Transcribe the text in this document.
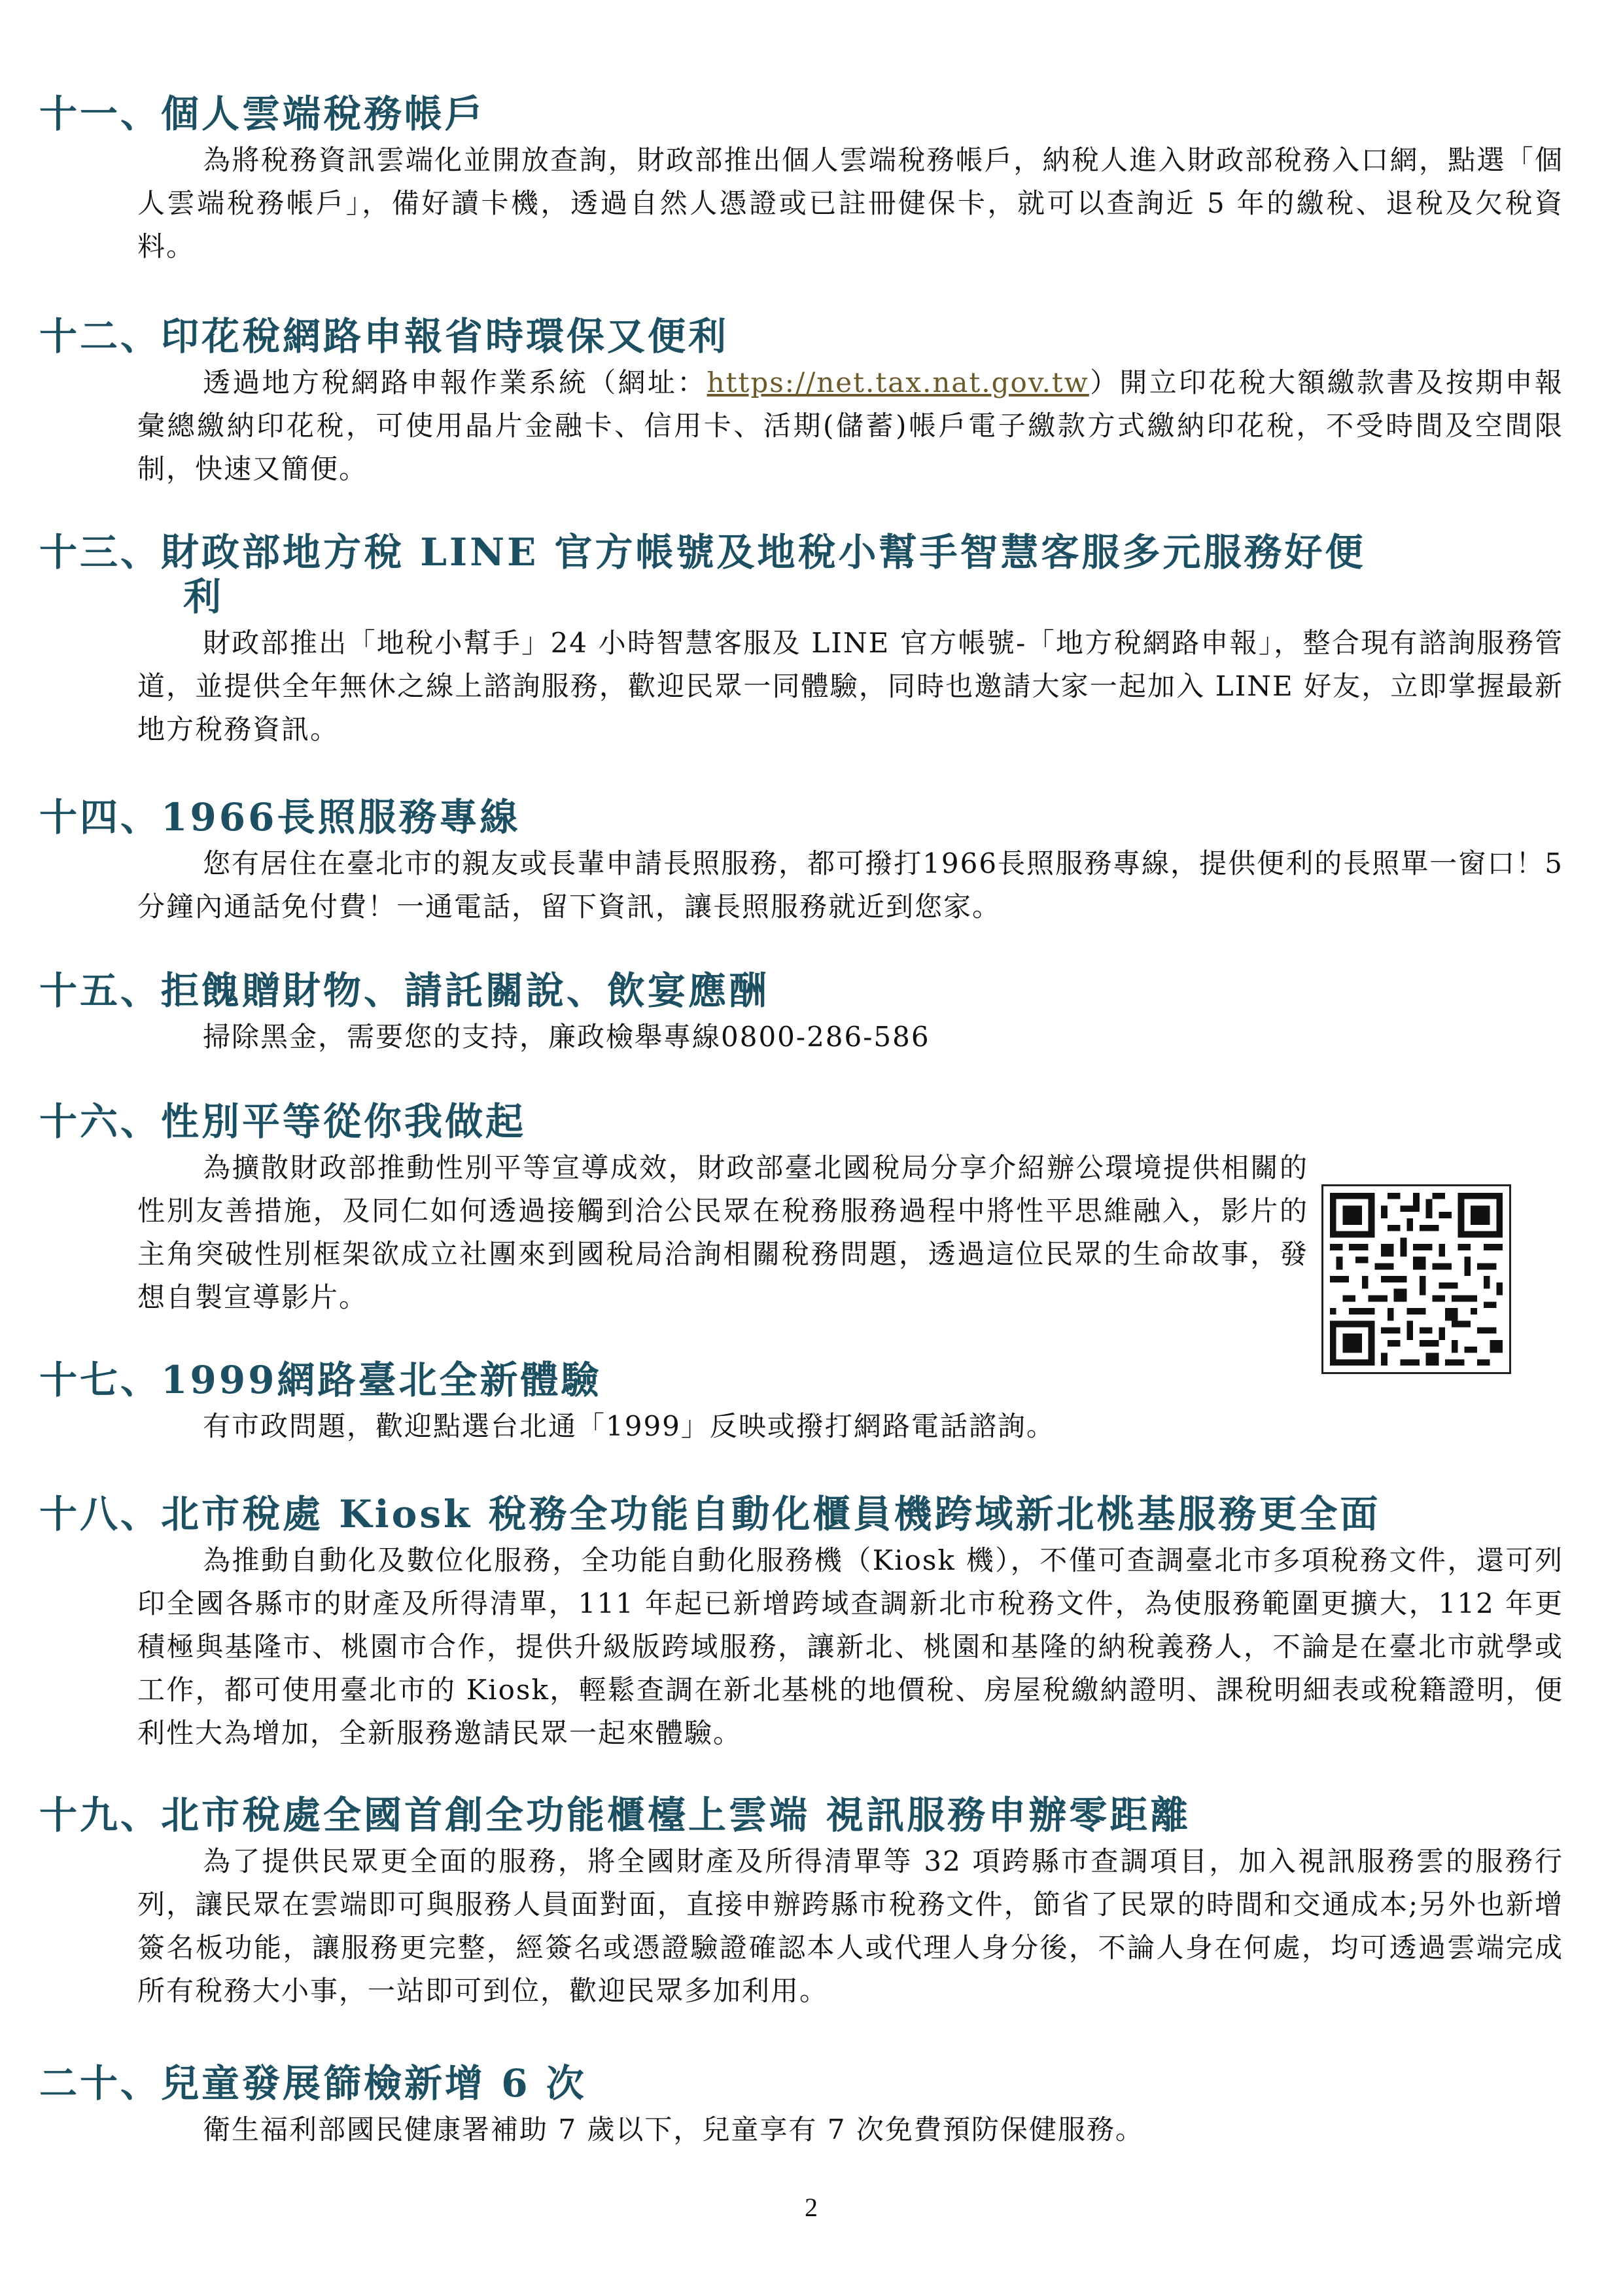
十一、個人雲端稅務帳戶

為將稅務資訊雲端化並開放查詢，財政部推出個人雲端稅務帳戶，納稅人進入財政部稅務入口網，點選「個人雲端稅務帳戶」，備好讀卡機，透過自然人憑證或已註冊健保卡，就可以查詢近 5 年的繳稅、退稅及欠稅資料。

十二、印花稅網路申報省時環保又便利

透過地方稅網路申報作業系統（網址：https://net.tax.nat.gov.tw）開立印花稅大額繳款書及按期申報彙總繳納印花稅，可使用晶片金融卡、信用卡、活期(儲蓄)帳戶電子繳款方式繳納印花稅，不受時間及空間限制，快速又簡便。

十三、財政部地方稅 LINE 官方帳號及地稅小幫手智慧客服多元服務好便
利

財政部推出「地稅小幫手」24 小時智慧客服及 LINE 官方帳號-「地方稅網路申報」，整合現有諮詢服務管道，並提供全年無休之線上諮詢服務，歡迎民眾一同體驗，同時也邀請大家一起加入 LINE 好友，立即掌握最新地方稅務資訊。

十四、1966長照服務專線

您有居住在臺北市的親友或長輩申請長照服務，都可撥打1966長照服務專線，提供便利的長照單一窗口！5分鐘內通話免付費！一通電話，留下資訊，讓長照服務就近到您家。

十五、拒餽贈財物、請託關說、飲宴應酬

掃除黑金，需要您的支持，廉政檢舉專線0800-286-586

十六、性別平等從你我做起

為擴散財政部推動性別平等宣導成效，財政部臺北國稅局分享介紹辦公環境提供相關的性別友善措施，及同仁如何透過接觸到洽公民眾在稅務服務過程中將性平思維融入，影片的主角突破性別框架欲成立社團來到國稅局洽詢相關稅務問題，透過這位民眾的生命故事，發想自製宣導影片。

十七、1999網路臺北全新體驗

有市政問題，歡迎點選台北通「1999」反映或撥打網路電話諮詢。

十八、北市稅處 Kiosk 稅務全功能自動化櫃員機跨域新北桃基服務更全面

為推動自動化及數位化服務，全功能自動化服務機（Kiosk 機），不僅可查調臺北市多項稅務文件，還可列印全國各縣市的財產及所得清單，111 年起已新增跨域查調新北市稅務文件，為使服務範圍更擴大，112 年更積極與基隆市、桃園市合作，提供升級版跨域服務，讓新北、桃園和基隆的納稅義務人，不論是在臺北市就學或工作，都可使用臺北市的 Kiosk，輕鬆查調在新北基桃的地價稅、房屋稅繳納證明、課稅明細表或稅籍證明，便利性大為增加，全新服務邀請民眾一起來體驗。

十九、北市稅處全國首創全功能櫃檯上雲端 視訊服務申辦零距離

為了提供民眾更全面的服務，將全國財產及所得清單等 32 項跨縣市查調項目，加入視訊服務雲的服務行列，讓民眾在雲端即可與服務人員面對面，直接申辦跨縣市稅務文件，節省了民眾的時間和交通成本;另外也新增簽名板功能，讓服務更完整，經簽名或憑證驗證確認本人或代理人身分後，不論人身在何處，均可透過雲端完成所有稅務大小事，一站即可到位，歡迎民眾多加利用。

二十、兒童發展篩檢新增 6 次

衛生福利部國民健康署補助 7 歲以下，兒童享有 7 次免費預防保健服務。

2
